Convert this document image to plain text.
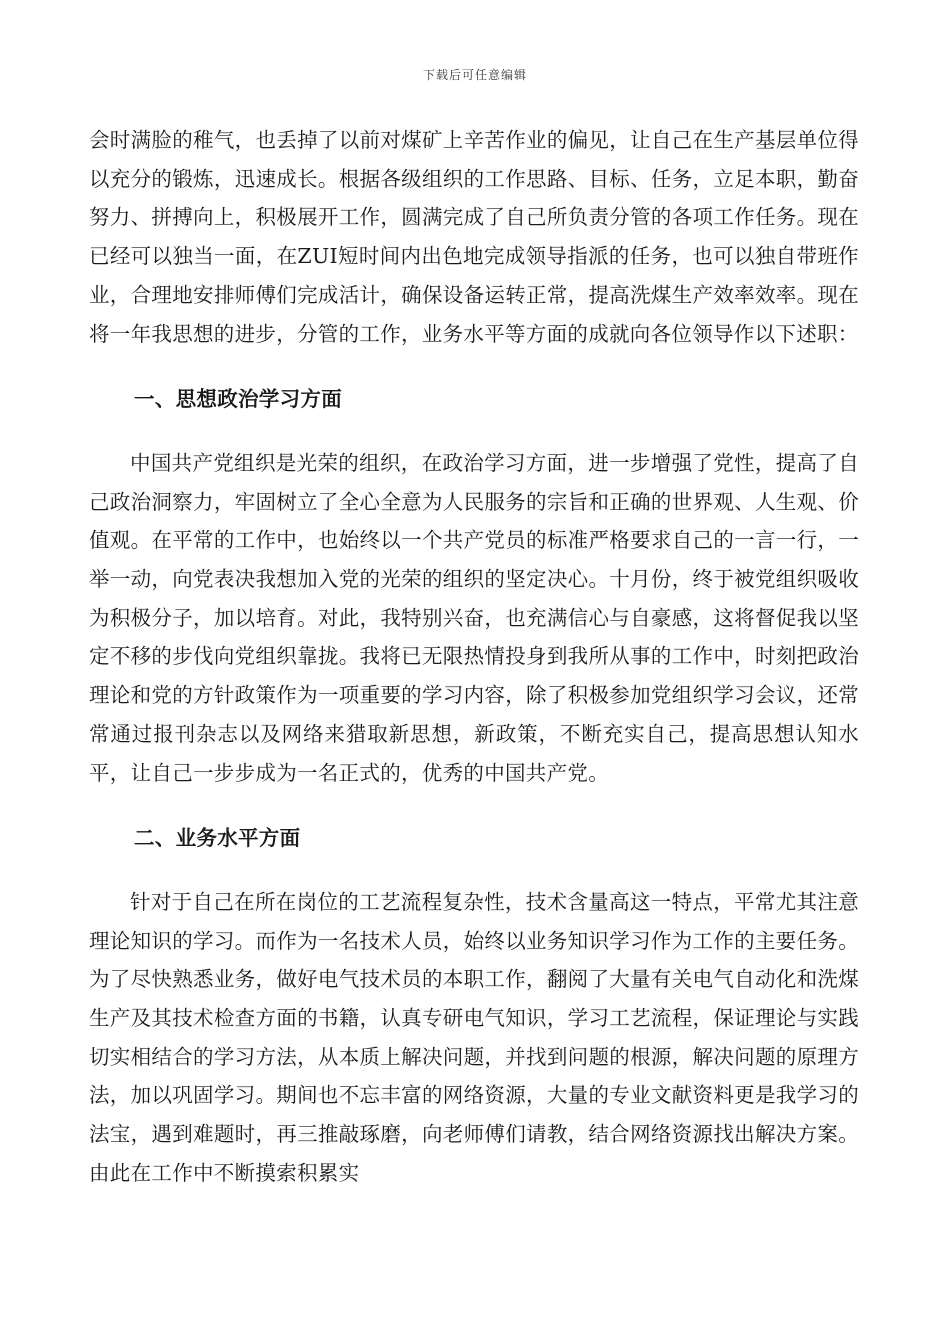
下载后可任意编辑

会时满脸的稚气，也丢掉了以前对煤矿上辛苦作业的偏见，让自己在生产基层单位得以充分的锻炼，迅速成长。根据各级组织的工作思路、目标、任务，立足本职，勤奋努力、拼搏向上，积极展开工作，圆满完成了自己所负责分管的各项工作任务。现在已经可以独当一面，在ZUI短时间内出色地完成领导指派的任务，也可以独自带班作业，合理地安排师傅们完成活计，确保设备运转正常，提高洗煤生产效率效率。现在将一年我思想的进步，分管的工作，业务水平等方面的成就向各位领导作以下述职：

一、思想政治学习方面

中国共产党组织是光荣的组织，在政治学习方面，进一步增强了党性，提高了自己政治洞察力，牢固树立了全心全意为人民服务的宗旨和正确的世界观、人生观、价值观。在平常的工作中，也始终以一个共产党员的标准严格要求自己的一言一行，一举一动，向党表决我想加入党的光荣的组织的坚定决心。十月份，终于被党组织吸收为积极分子，加以培育。对此，我特别兴奋，也充满信心与自豪感，这将督促我以坚定不移的步伐向党组织靠拢。我将已无限热情投身到我所从事的工作中，时刻把政治理论和党的方针政策作为一项重要的学习内容，除了积极参加党组织学习会议，还常常通过报刊杂志以及网络来猎取新思想，新政策，不断充实自己，提高思想认知水平，让自己一步步成为一名正式的，优秀的中国共产党。

二、业务水平方面

针对于自己在所在岗位的工艺流程复杂性，技术含量高这一特点，平常尤其注意理论知识的学习。而作为一名技术人员，始终以业务知识学习作为工作的主要任务。为了尽快熟悉业务，做好电气技术员的本职工作，翻阅了大量有关电气自动化和洗煤生产及其技术检查方面的书籍，认真专研电气知识，学习工艺流程，保证理论与实践切实相结合的学习方法，从本质上解决问题，并找到问题的根源，解决问题的原理方法，加以巩固学习。期间也不忘丰富的网络资源，大量的专业文献资料更是我学习的法宝，遇到难题时，再三推敲琢磨，向老师傅们请教，结合网络资源找出解决方案。由此在工作中不断摸索积累实
